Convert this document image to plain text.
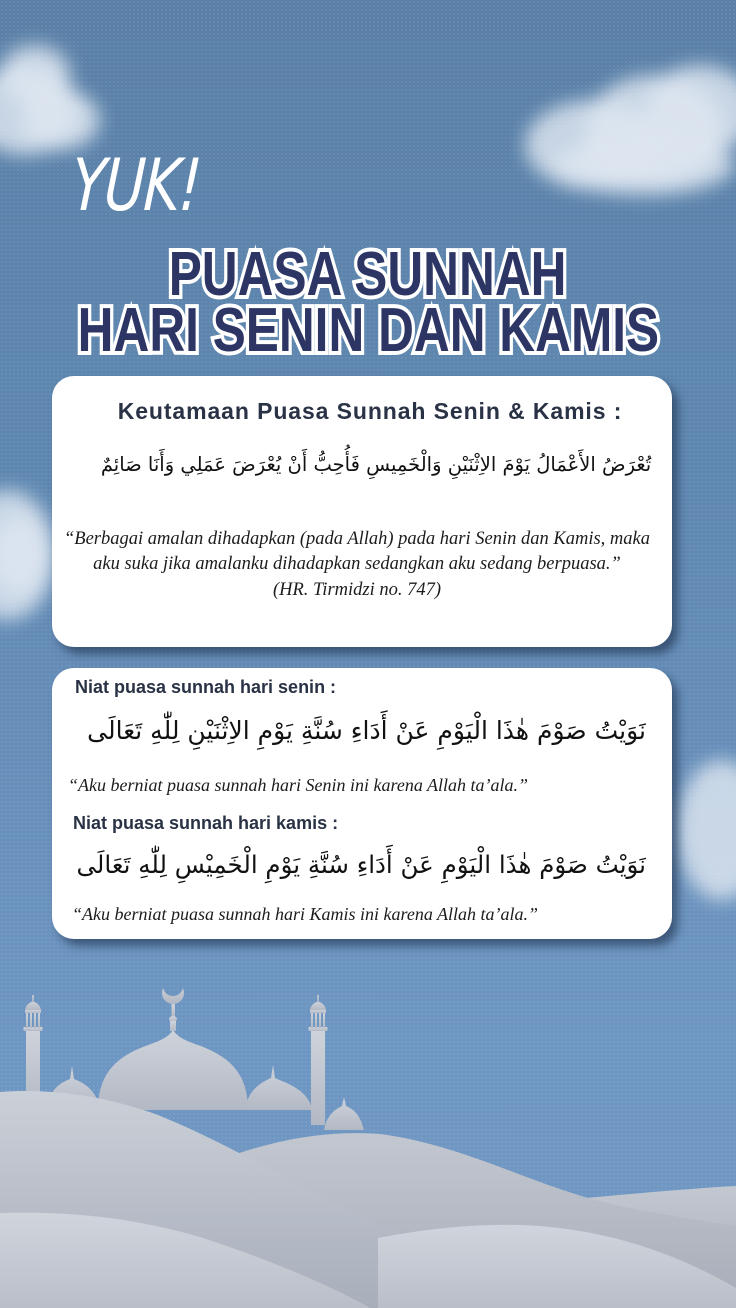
YUK!
PUASA SUNNAH
HARI SENIN DAN KAMIS
Keutamaan Puasa Sunnah Senin & Kamis :
تُعْرَضُ الأَعْمَالُ يَوْمَ الاِثْنَيْنِ وَالْخَمِيسِ فَأُحِبُّ أَنْ يُعْرَضَ عَمَلِي وَأَنَا صَائِمٌ
“Berbagai amalan dihadapkan (pada Allah) pada hari Senin dan Kamis, maka
aku suka jika amalanku dihadapkan sedangkan aku sedang berpuasa.”
(HR. Tirmidzi no. 747)
Niat puasa sunnah hari senin :
نَوَيْتُ صَوْمَ هٰذَا الْيَوْمِ عَنْ أَدَاءِ سُنَّةِ يَوْمِ الاِثْنَيْنِ لِلّٰهِ تَعَالَى
“Aku berniat puasa sunnah hari Senin ini karena Allah ta’ala.”
Niat puasa sunnah hari kamis :
نَوَيْتُ صَوْمَ هٰذَا الْيَوْمِ عَنْ أَدَاءِ سُنَّةِ يَوْمِ الْخَمِيْسِ لِلّٰهِ تَعَالَى
“Aku berniat puasa sunnah hari Kamis ini karena Allah ta’ala.”
